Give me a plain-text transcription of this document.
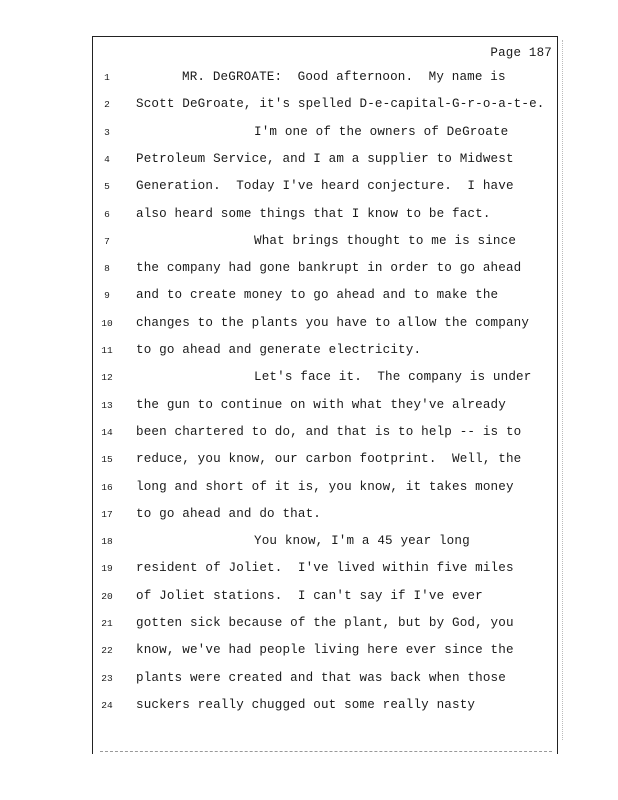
Page 187
1	MR. DeGROATE:  Good afternoon.  My name is
2	Scott DeGroate, it's spelled D-e-capital-G-r-o-a-t-e.
3	I'm one of the owners of DeGroate
4	Petroleum Service, and I am a supplier to Midwest
5	Generation.  Today I've heard conjecture.  I have
6	also heard some things that I know to be fact.
7	What brings thought to me is since
8	the company had gone bankrupt in order to go ahead
9	and to create money to go ahead and to make the
10	changes to the plants you have to allow the company
11	to go ahead and generate electricity.
12	Let's face it.  The company is under
13	the gun to continue on with what they've already
14	been chartered to do, and that is to help -- is to
15	reduce, you know, our carbon footprint.  Well, the
16	long and short of it is, you know, it takes money
17	to go ahead and do that.
18	You know, I'm a 45 year long
19	resident of Joliet.  I've lived within five miles
20	of Joliet stations.  I can't say if I've ever
21	gotten sick because of the plant, but by God, you
22	know, we've had people living here ever since the
23	plants were created and that was back when those
24	suckers really chugged out some really nasty
